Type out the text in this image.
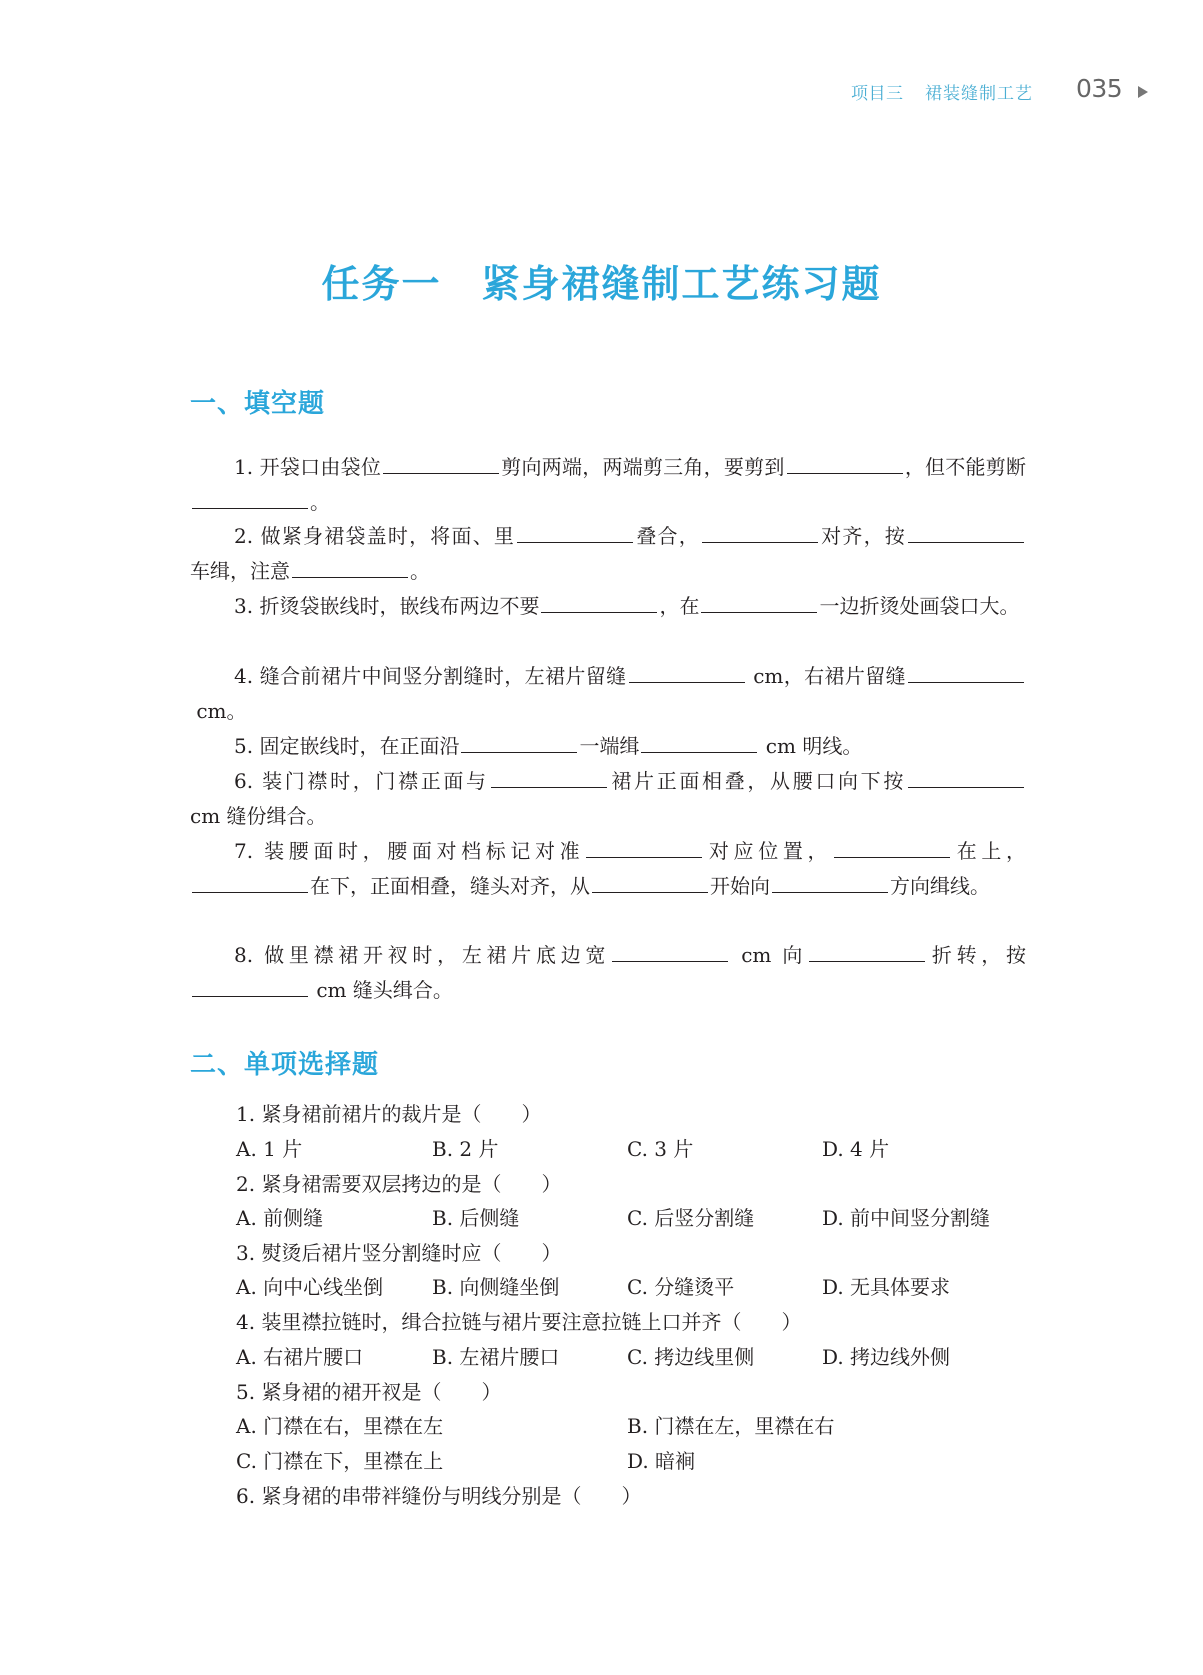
项目三 裙装缝制工艺 035
任务一　紧身裙缝制工艺练习题
一、填空题
1. 开袋口由袋位	剪向两端，两端剪三角，要剪到	，但不能剪断。
2. 做紧身裙袋盖时，将面、里	叠合，	对齐，按车缉，注意	。
3. 折烫袋嵌线时，嵌线布两边不要	，在	一边折烫处画袋口大。
4. 缝合前裙片中间竖分割缝时，左裙片留缝	cm，右裙片留缝 cm。
5. 固定嵌线时，在正面沿	一端缉	cm 明线。
6. 装门襟时，门襟正面与	裙片正面相叠，从腰口向下按cm 缝份缉合。
7. 装腰面时，腰面对档标记对准	对应位置，	在上，在下，正面相叠，缝头对齐，从	开始向	方向缉线。
8. 做里襟裙开衩时，左裙片底边宽	cm 向	折转，按 cm 缝头缉合。
二、单项选择题
1. 紧身裙前裙片的裁片是（　　）
A. 1 片	B. 2 片	C. 3 片	D. 4 片
2. 紧身裙需要双层拷边的是（　　）
A. 前侧缝	B. 后侧缝	C. 后竖分割缝	D. 前中间竖分割缝
3. 熨烫后裙片竖分割缝时应（　　）
A. 向中心线坐倒 B. 向侧缝坐倒	C. 分缝烫平	D. 无具体要求
4. 装里襟拉链时，缉合拉链与裙片要注意拉链上口并齐（　　）
A. 右裙片腰口	B. 左裙片腰口	C. 拷边线里侧	D. 拷边线外侧
5. 紧身裙的裙开衩是（　　）
A. 门襟在右，里襟在左	B. 门襟在左，里襟在右
C. 门襟在下，里襟在上	D. 暗裥
6. 紧身裙的串带袢缝份与明线分别是（　　）
